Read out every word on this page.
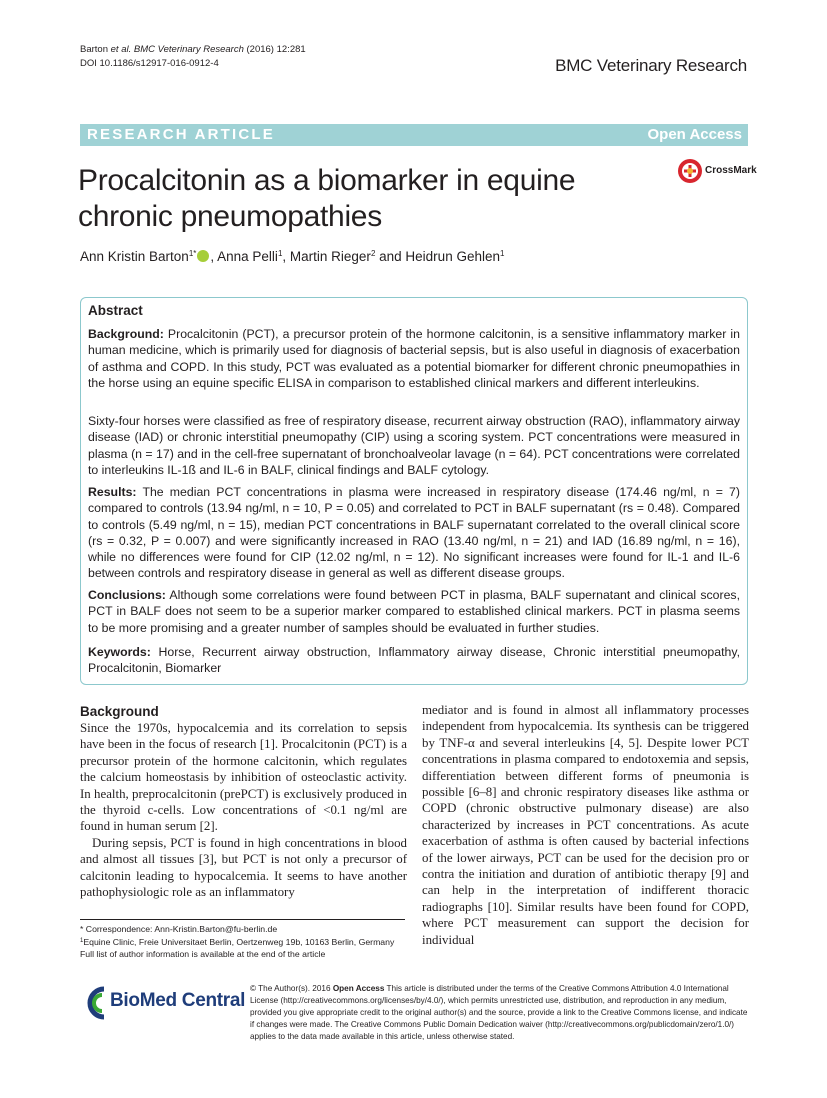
Barton et al. BMC Veterinary Research (2016) 12:281
DOI 10.1186/s12917-016-0912-4	BMC Veterinary Research
RESEARCH ARTICLE	Open Access
Procalcitonin as a biomarker in equine chronic pneumopathies
CrossMark
Ann Kristin Barton$^{1*}$ , Anna Pelli$^1$, Martin Rieger$^2$ and Heidrun Gehlen$^1$
Abstract
Background: Procalcitonin (PCT), a precursor protein of the hormone calcitonin, is a sensitive inflammatory marker in human medicine, which is primarily used for diagnosis of bacterial sepsis, but is also useful in diagnosis of exacerbation of asthma and COPD. In this study, PCT was evaluated as a potential biomarker for different chronic pneumopathies in the horse using an equine specific ELISA in comparison to established clinical markers and different interleukins.
Sixty-four horses were classified as free of respiratory disease, recurrent airway obstruction (RAO), inflammatory airway disease (IAD) or chronic interstitial pneumopathy (CIP) using a scoring system. PCT concentrations were measured in plasma (n = 17) and in the cell-free supernatant of bronchoalveolar lavage (n = 64). PCT concentrations were correlated to interleukins IL-1ß and IL-6 in BALF, clinical findings and BALF cytology.
Results: The median PCT concentrations in plasma were increased in respiratory disease (174.46 ng/ml, n = 7) compared to controls (13.94 ng/ml, n = 10, P = 0.05) and correlated to PCT in BALF supernatant (rs = 0.48). Compared to controls (5.49 ng/ml, n = 15), median PCT concentrations in BALF supernatant correlated to the overall clinical score (rs = 0.32, P = 0.007) and were significantly increased in RAO (13.40 ng/ml, n = 21) and IAD (16.89 ng/ml, n = 16), while no differences were found for CIP (12.02 ng/ml, n = 12). No significant increases were found for IL-1 and IL-6 between controls and respiratory disease in general as well as different disease groups.
Conclusions: Although some correlations were found between PCT in plasma, BALF supernatant and clinical scores, PCT in BALF does not seem to be a superior marker compared to established clinical markers. PCT in plasma seems to be more promising and a greater number of samples should be evaluated in further studies.
Keywords: Horse, Recurrent airway obstruction, Inflammatory airway disease, Chronic interstitial pneumopathy, Procalcitonin, Biomarker
Background
Since the 1970s, hypocalcemia and its correlation to sepsis have been in the focus of research [1]. Procalcitonin (PCT) is a precursor protein of the hormone calcitonin, which regulates the calcium homeostasis by inhibition of osteoclastic activity. In health, preprocalcitonin (prePCT) is exclusively produced in the thyroid c-cells. Low concentrations of <0.1 ng/ml are found in human serum [2].
During sepsis, PCT is found in high concentrations in blood and almost all tissues [3], but PCT is not only a precursor of calcitonin leading to hypocalcemia. It seems to have another pathophysiologic role as an inflammatory
mediator and is found in almost all inflammatory processes independent from hypocalcemia. Its synthesis can be triggered by TNF-α and several interleukins [4, 5]. Despite lower PCT concentrations in plasma compared to endotoxemia and sepsis, differentiation between different forms of pneumonia is possible [6–8] and chronic respiratory diseases like asthma or COPD (chronic obstructive pulmonary disease) are also characterized by increases in PCT concentrations. As acute exacerbation of asthma is often caused by bacterial infections of the lower airways, PCT can be used for the decision pro or contra the initiation and duration of antibiotic therapy [9] and can help in the interpretation of indifferent thoracic radiographs [10]. Similar results have been found for COPD, where PCT measurement can support the decision for individual
* Correspondence: Ann-Kristin.Barton@fu-berlin.de
$^1$Equine Clinic, Freie Universitaet Berlin, Oertzenweg 19b, 10163 Berlin, Germany
Full list of author information is available at the end of the article
BioMed Central
© The Author(s). 2016 Open Access This article is distributed under the terms of the Creative Commons Attribution 4.0 International License (http://creativecommons.org/licenses/by/4.0/), which permits unrestricted use, distribution, and reproduction in any medium, provided you give appropriate credit to the original author(s) and the source, provide a link to the Creative Commons license, and indicate if changes were made. The Creative Commons Public Domain Dedication waiver (http://creativecommons.org/publicdomain/zero/1.0/) applies to the data made available in this article, unless otherwise stated.
